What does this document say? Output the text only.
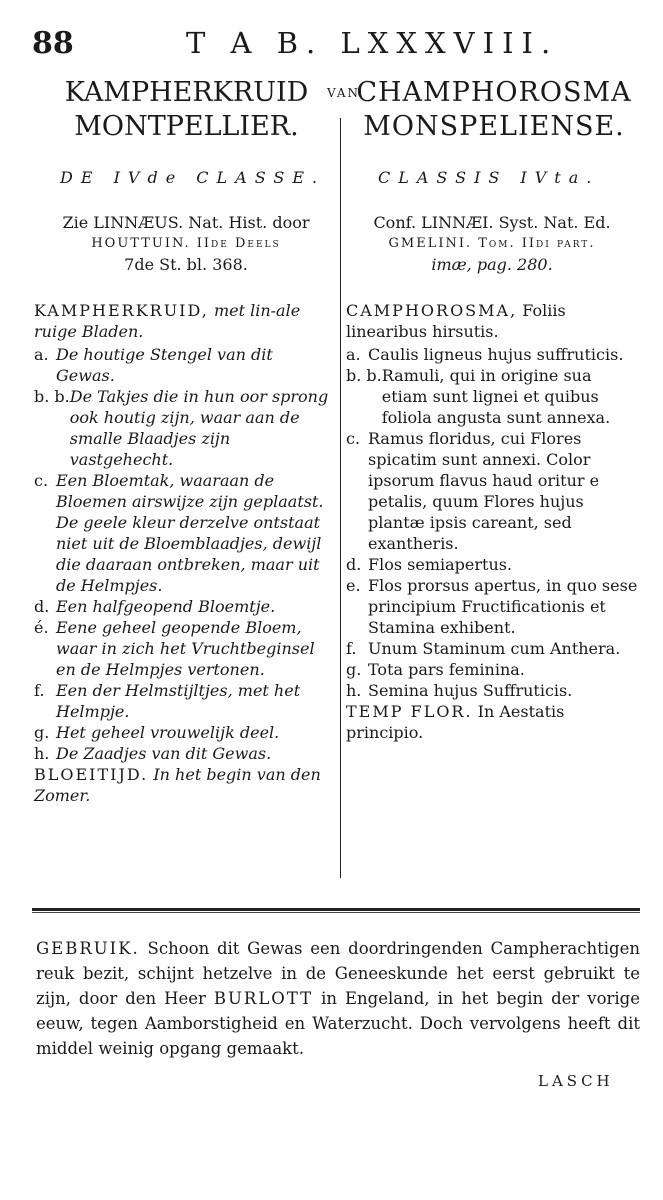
88	T A B. LXXXVIII.
KAMPHERKRUID
MONTPELLIER.
VAN
CHAMPHOROSMA
MONSPELIENSE.
DE IVde CLASSE.
Zie LINNÆUS. Nat. Hist. door
HOUTTUIN. IIde Deels
7de St. bl. 368.

KAMPHERKRUID, met lin-ale ruige Bladen.

a. De houtige Stengel van dit Gewas.
b. b. De Takjes die in hun oor sprong ook houtig zijn, waar aan de smalle Blaadjes zijn vastgehecht.
c. Een Bloemtak, waaraan de Bloemen airswijze zijn geplaatst. De geele kleur derzelve ontstaat niet uit de Bloemblaadjes, dewijl die daaraan ontbreken, maar uit de Helmpjes.
d. Een halfgeopend Bloemtje.
é. Eene geheel geopende Bloem, waar in zich het Vruchtbeginsel en de Helmpjes vertonen.
f. Een der Helmstijltjes, met het Helmpje.
g. Het geheel vrouwelijk deel.
h. De Zaadjes van dit Gewas.

BLOEITIJD. In het begin van den Zomer.

CLASSIS IVta.
Conf. LINNÆI. Syst. Nat. Ed.
GMELINI. Tom. IIdi part.
imæ, pag. 280.

CAMPHOROSMA, Foliis linearibus hirsutis.

a. Caulis ligneus hujus suffruticis.
b. b. Ramuli, qui in origine sua etiam sunt lignei et quibus foliola angusta sunt annexa.
c. Ramus floridus, cui Flores spicatim sunt annexi. Color ipsorum flavus haud oritur e petalis, quum Flores hujus plantæ ipsis careant, sed exantheris.
d. Flos semiapertus.
e. Flos prorsus apertus, in quo sese principium Fructificationis et Stamina exhibent.
f. Unum Staminum cum Anthera.
g. Tota pars feminina.
h. Semina hujus Suffruticis.

TEMP FLOR. In Aestatis principio.

GEBRUIK. Schoon dit Gewas een doordringenden Campherachtigen reuk bezit, schijnt hetzelve in de Geneeskunde het eerst gebruikt te zijn, door den Heer BURLOTT in Engeland, in het begin der vorige eeuw, tegen Aamborstigheid en Waterzucht. Doch vervolgens heeft dit middel weinig opgang gemaakt.
LASCH
